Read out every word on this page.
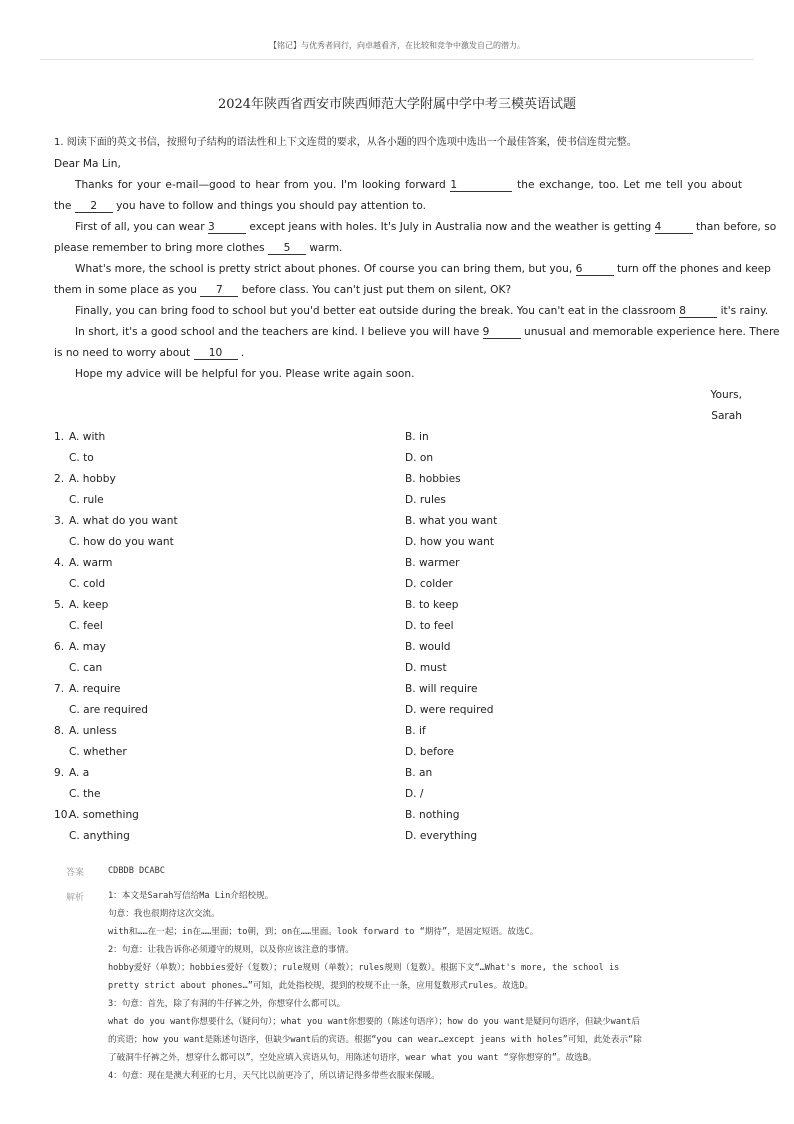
【铭记】与优秀者同行，向卓越看齐，在比较和竞争中激发自己的潜力。
2024年陕西省西安市陕西师范大学附属中学中考三模英语试题
1. 阅读下面的英文书信，按照句子结构的语法性和上下文连贯的要求，从各小题的四个选项中选出一个最佳答案，使书信连贯完整。
Dear Ma Lin,
Thanks for your e-mail—good to hear from you. I'm looking forward 1	the exchange, too. Let me tell you about
the 2 you have to follow and things you should pay attention to.
First of all, you can wear 3	except jeans with holes. It's July in Australia now and the weather is getting 4	than before, so
please remember to bring more clothes 5 warm.
What's more, the school is pretty strict about phones. Of course you can bring them, but you, 6	turn off the phones and keep
them in some place as you 7 before class. You can't just put them on silent, OK?
Finally, you can bring food to school but you'd better eat outside during the break. You can't eat in the classroom 8	it's rainy.
In short, it's a good school and the teachers are kind. I believe you will have 9	unusual and memorable experience here. There
is no need to worry about 10 .
Hope my advice will be helpful for you. Please write again soon.
Yours,
Sarah
1. A. with	B. in
C. to	D. on
2. A. hobby	B. hobbies
C. rule	D. rules
3. A. what do you want	B. what you want
C. how do you want	D. how you want
4. A. warm	B. warmer
C. cold	D. colder
5. A. keep	B. to keep
C. feel	D. to feel
6. A. may	B. would
C. can	D. must
7. A. require	B. will require
C. are required	D. were required
8. A. unless	B. if
C. whether	D. before
9. A. a	B. an
C. the	D. /
10.
A. something	B. nothing
C. anything	D. everything
答案	CDBDB DCABC
解析	1：本文是Sarah写信给Ma Lin介绍校规。
句意：我也很期待这次交流。
with和……在一起；in在……里面；to朝，到；on在……里面。look forward to “期待”，是固定短语。故选C。
2：句意：让我告诉你必须遵守的规则，以及你应该注意的事情。
hobby爱好（单数）；hobbies爱好（复数）；rule规则（单数）；rules规则（复数）。根据下文“…What's more, the school is
pretty strict about phones…”可知，此处指校规，提到的校规不止一条，应用复数形式rules。故选D。
3：句意：首先，除了有洞的牛仔裤之外，你想穿什么都可以。
what do you want你想要什么（疑问句）；what you want你想要的（陈述句语序）；how do you want是疑问句语序，但缺少want后
的宾语；how you want是陈述句语序，但缺少want后的宾语。根据“you can wear…except jeans with holes”可知，此处表示“除
了破洞牛仔裤之外，想穿什么都可以”，空处应填入宾语从句，用陈述句语序，wear what you want “穿你想穿的”。故选B。
4：句意：现在是澳大利亚的七月，天气比以前更冷了，所以请记得多带些衣服来保暖。
